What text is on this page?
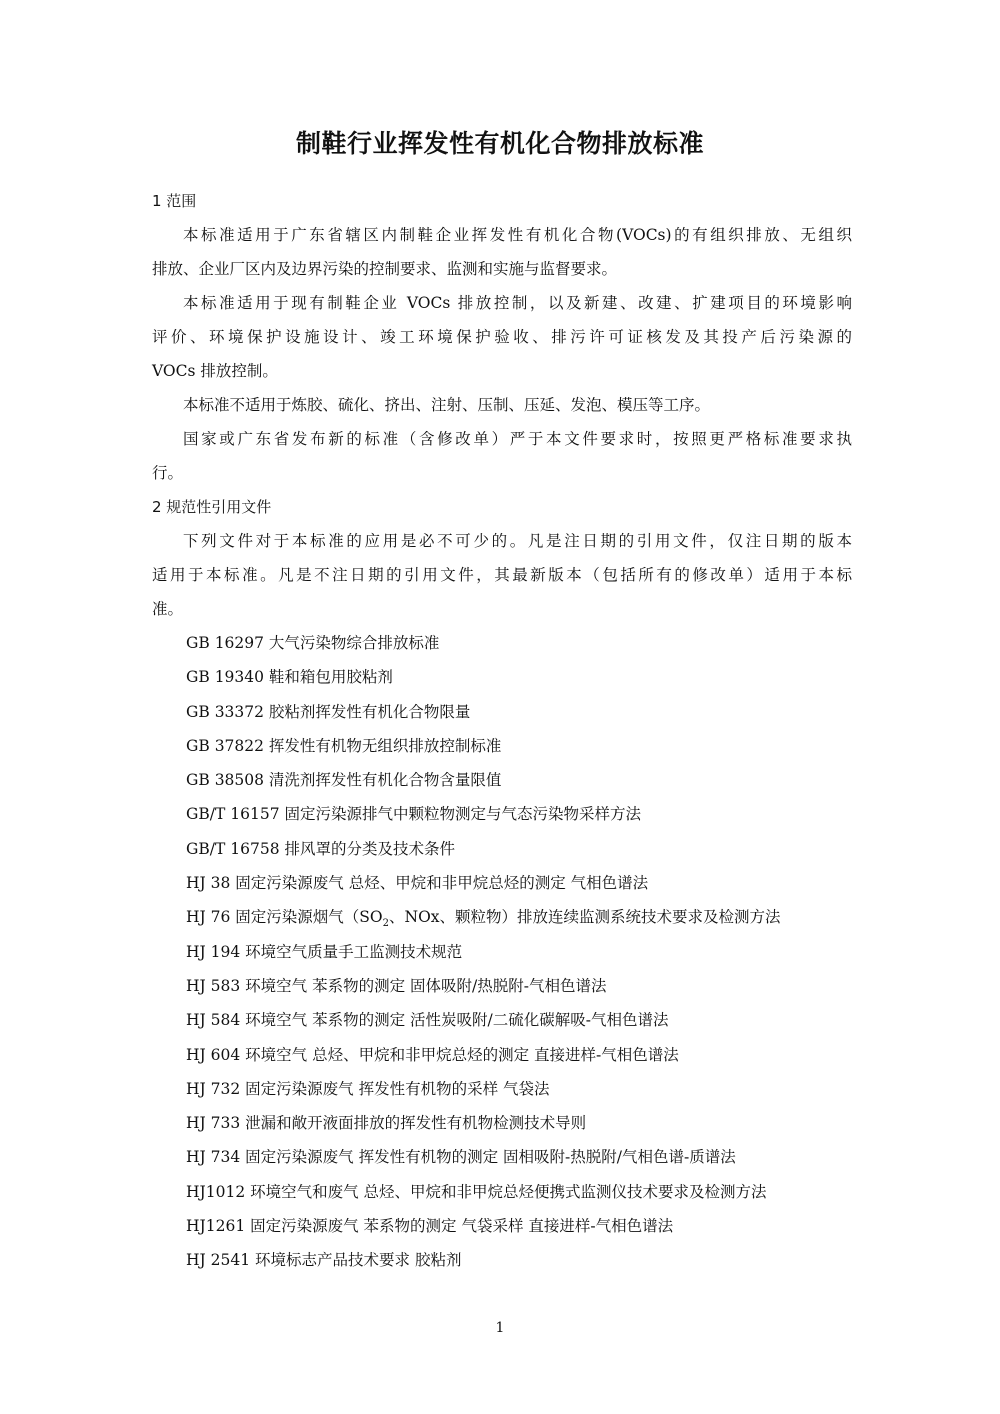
制鞋行业挥发性有机化合物排放标准
1 范围

本标准适用于广东省辖区内制鞋企业挥发性有机化合物(VOCs)的有组织排放、无组织
排放、企业厂区内及边界污染的控制要求、监测和实施与监督要求。

本标准适用于现有制鞋企业 VOCs 排放控制，以及新建、改建、扩建项目的环境影响
评价、环境保护设施设计、竣工环境保护验收、排污许可证核发及其投产后污染源的
VOCs 排放控制。

本标准不适用于炼胶、硫化、挤出、注射、压制、压延、发泡、模压等工序。

国家或广东省发布新的标准（含修改单）严于本文件要求时，按照更严格标准要求执
行。

2 规范性引用文件

下列文件对于本标准的应用是必不可少的。凡是注日期的引用文件，仅注日期的版本
适用于本标准。凡是不注日期的引用文件，其最新版本（包括所有的修改单）适用于本标
准。

GB 16297 大气污染物综合排放标准
GB 19340 鞋和箱包用胶粘剂
GB 33372 胶粘剂挥发性有机化合物限量
GB 37822 挥发性有机物无组织排放控制标准
GB 38508 清洗剂挥发性有机化合物含量限值
GB/T 16157 固定污染源排气中颗粒物测定与气态污染物采样方法
GB/T 16758 排风罩的分类及技术条件
HJ 38 固定污染源废气 总烃、甲烷和非甲烷总烃的测定 气相色谱法
HJ 76 固定污染源烟气（$SO_2$、NOx、颗粒物）排放连续监测系统技术要求及检测方法
HJ 194 环境空气质量手工监测技术规范
HJ 583 环境空气 苯系物的测定 固体吸附/热脱附-气相色谱法
HJ 584 环境空气 苯系物的测定 活性炭吸附/二硫化碳解吸-气相色谱法
HJ 604 环境空气 总烃、甲烷和非甲烷总烃的测定 直接进样-气相色谱法
HJ 732 固定污染源废气 挥发性有机物的采样 气袋法
HJ 733 泄漏和敞开液面排放的挥发性有机物检测技术导则
HJ 734 固定污染源废气 挥发性有机物的测定 固相吸附-热脱附/气相色谱-质谱法
HJ1012 环境空气和废气 总烃、甲烷和非甲烷总烃便携式监测仪技术要求及检测方法
HJ1261 固定污染源废气 苯系物的测定 气袋采样 直接进样-气相色谱法
HJ 2541 环境标志产品技术要求 胶粘剂
1
